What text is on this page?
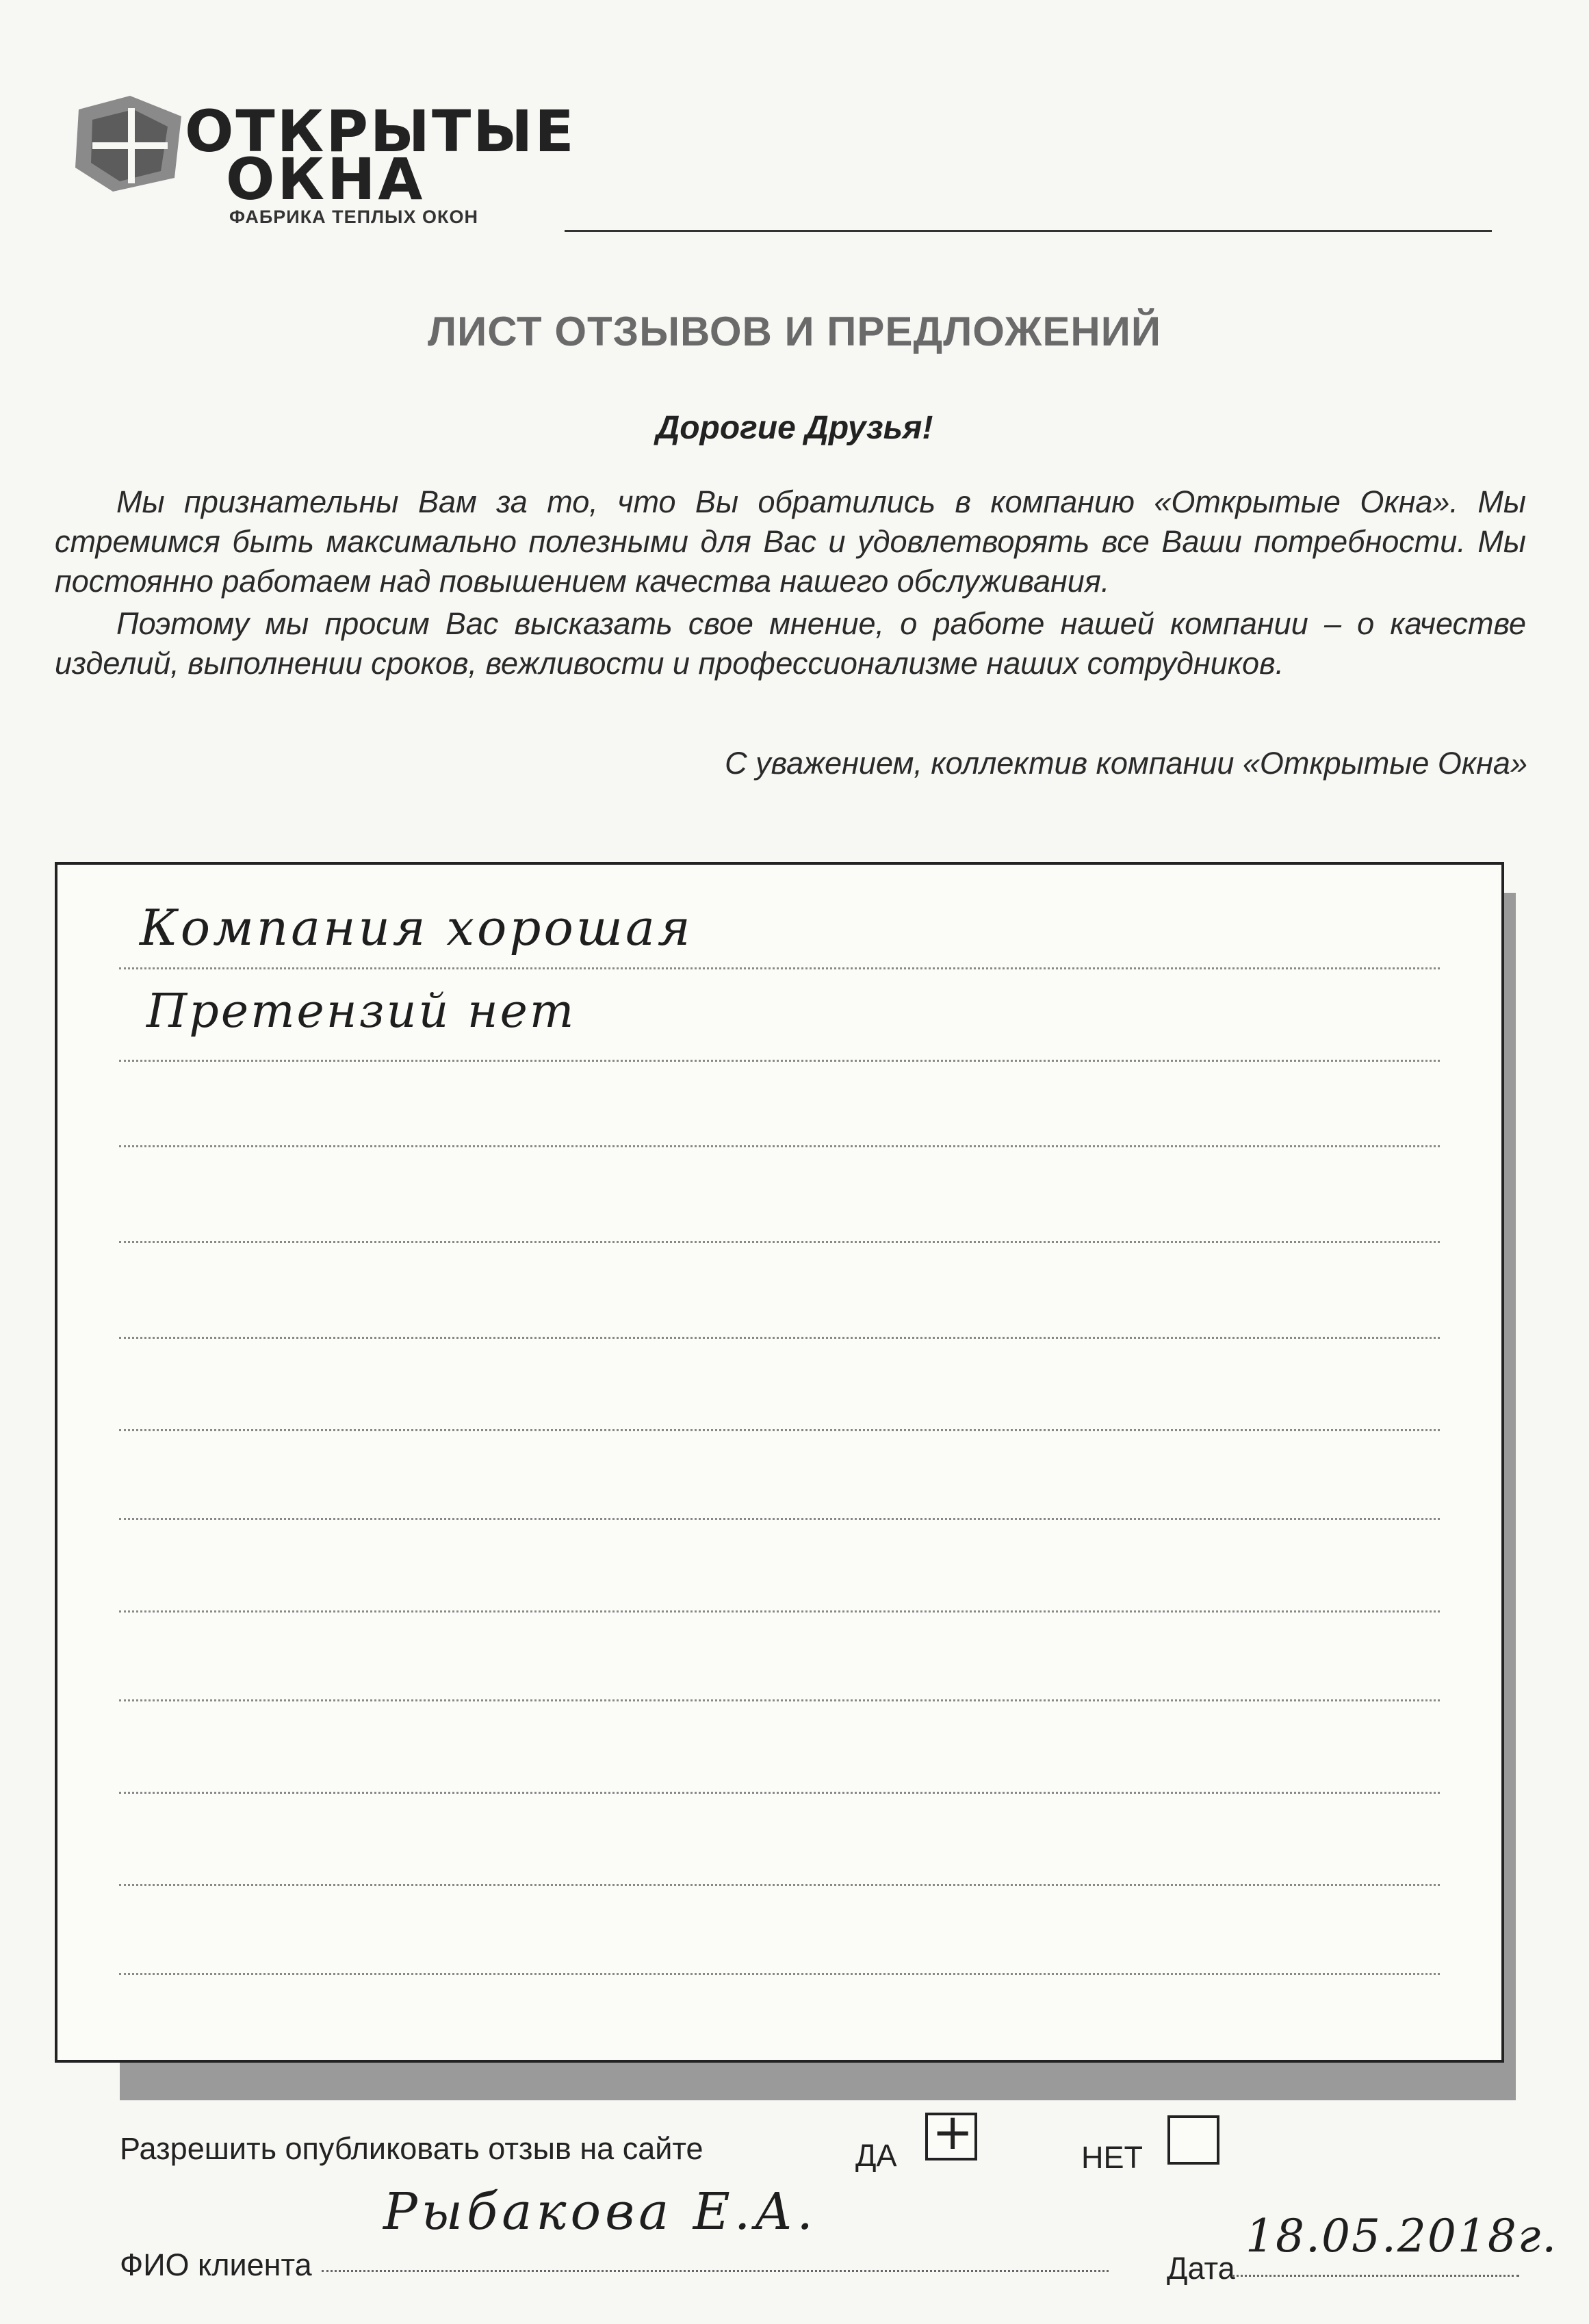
ОТКРЫТЫЕ
ОКНА
ФАБРИКА ТЕПЛЫХ ОКОН
ЛИСТ ОТЗЫВОВ И ПРЕДЛОЖЕНИЙ
Дорогие Друзья!
Мы признательны Вам за то, что Вы обратились в компанию «Открытые Окна». Мы стремимся быть максимально полезными для Вас и удовлетворять все Ваши потребности. Мы постоянно работаем над повышением качества нашего обслуживания.
Поэтому мы просим Вас высказать свое мнение, о работе нашей компании – о качестве изделий, выполнении сроков, вежливости и профессионализме наших сотрудников.
С уважением, коллектив компании «Открытые Окна»
Компания хорошая
Претензий нет
Разрешить опубликовать отзыв на сайте	ДА +	НЕТ
ФИО клиента
Рыбакова Е.А.
Дата
18.05.2018г.
